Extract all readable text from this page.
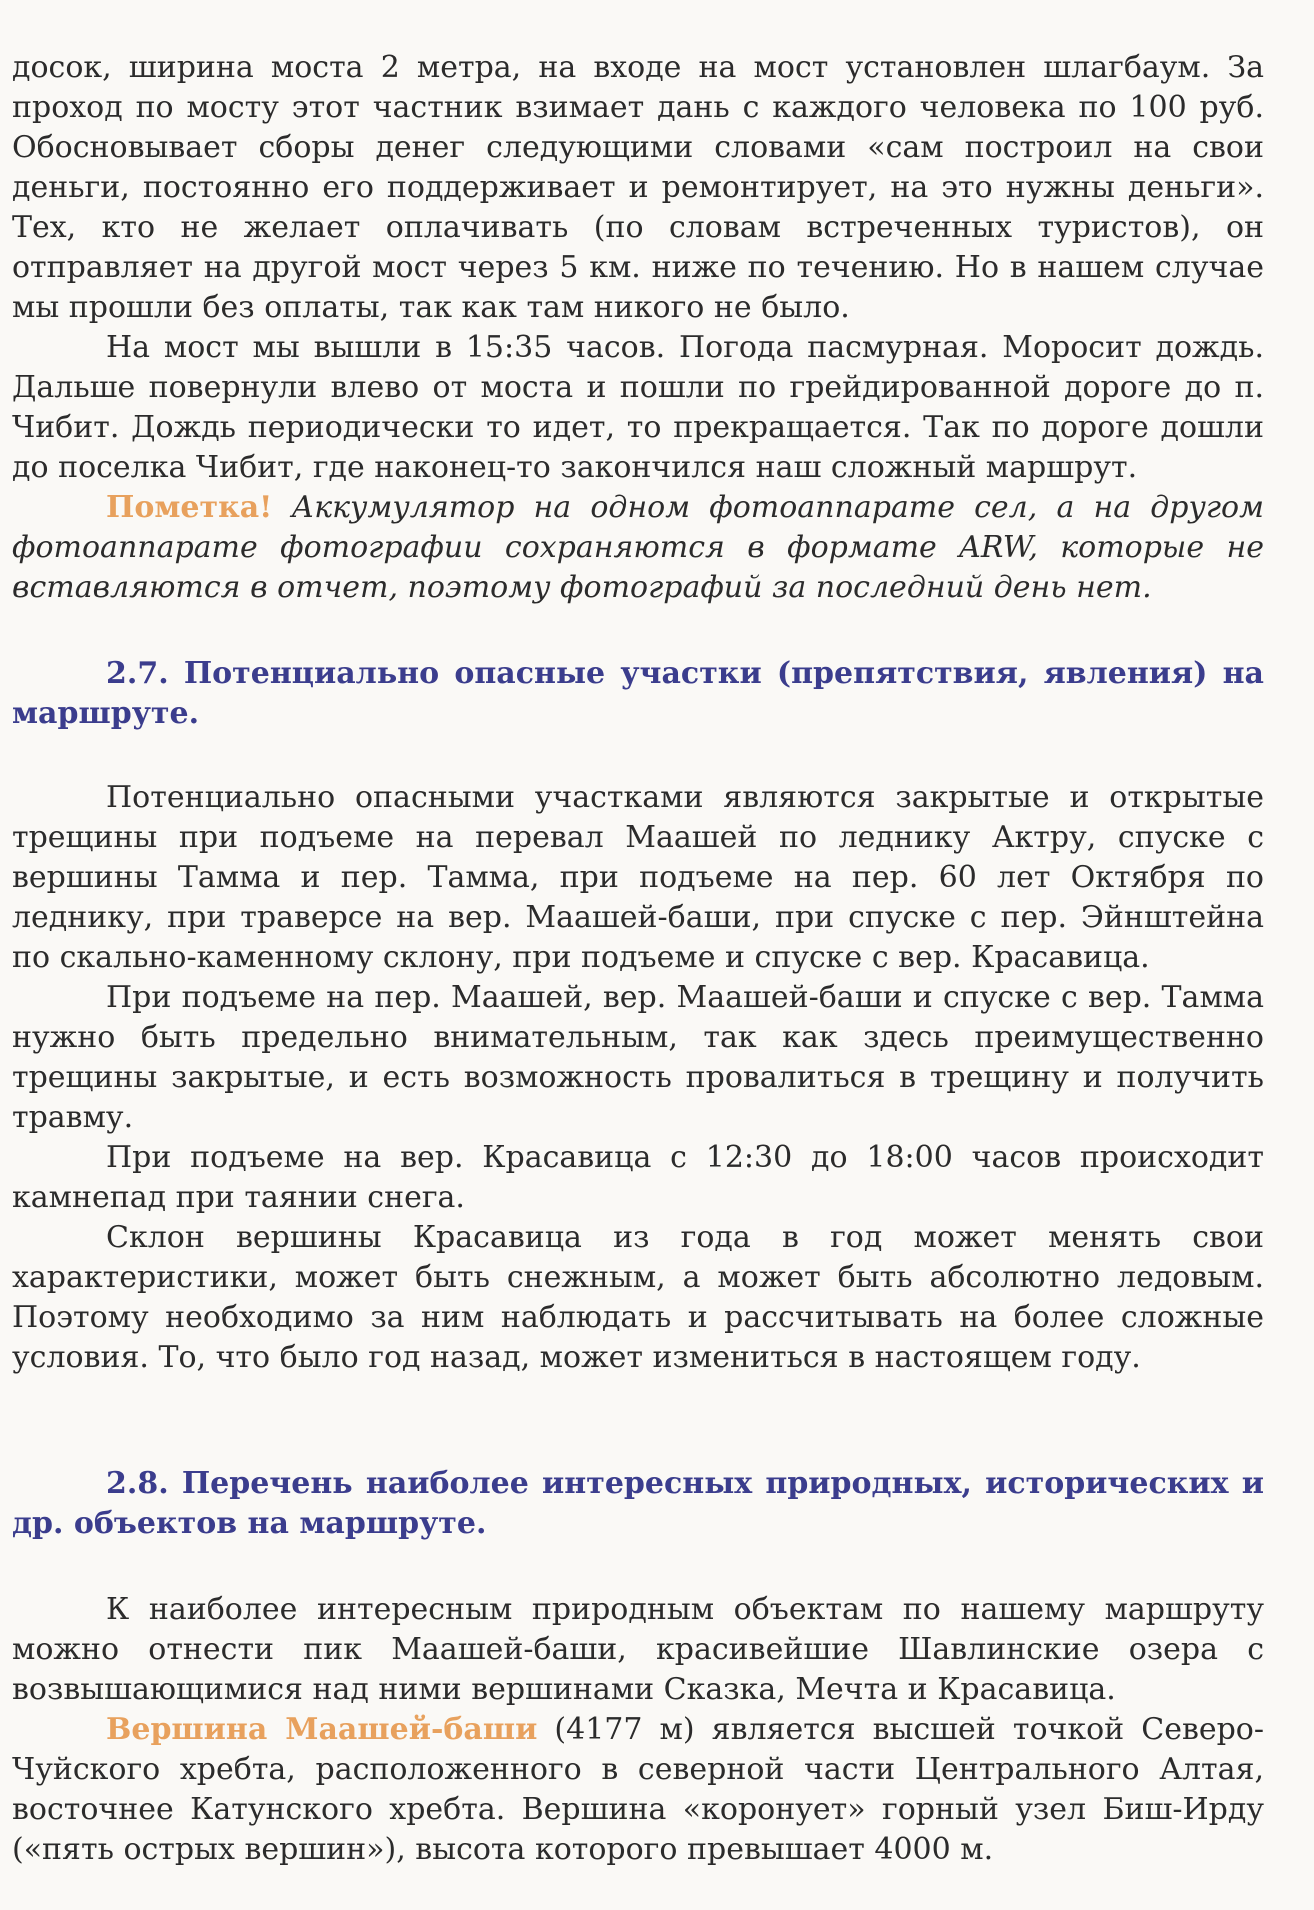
досок, ширина моста 2 метра, на входе на мост установлен шлагбаум. За проход по мосту этот частник взимает дань с каждого человека по 100 руб. Обосновывает сборы денег следующими словами «сам построил на свои деньги, постоянно его поддерживает и ремонтирует, на это нужны деньги». Тех, кто не желает оплачивать (по словам встреченных туристов), он отправляет на другой мост через 5 км. ниже по течению. Но в нашем случае мы прошли без оплаты, так как там никого не было.

На мост мы вышли в 15:35 часов. Погода пасмурная. Моросит дождь. Дальше повернули влево от моста и пошли по грейдированной дороге до п. Чибит. Дождь периодически то идет, то прекращается. Так по дороге дошли до поселка Чибит, где наконец-то закончился наш сложный маршрут.

Пометка! Аккумулятор на одном фотоаппарате сел, а на другом фотоаппарате фотографии сохраняются в формате ARW, которые не вставляются в отчет, поэтому фотографий за последний день нет.

2.7. Потенциально опасные участки (препятствия, явления) на маршруте.

Потенциально опасными участками являются закрытые и открытые трещины при подъеме на перевал Маашей по леднику Актру, спуске с вершины Тамма и пер. Тамма, при подъеме на пер. 60 лет Октября по леднику, при траверсе на вер. Маашей-баши, при спуске с пер. Эйнштейна по скально-каменному склону, при подъеме и спуске с вер. Красавица.

При подъеме на пер. Маашей, вер. Маашей-баши и спуске с вер. Тамма нужно быть предельно внимательным, так как здесь преимущественно трещины закрытые, и есть возможность провалиться в трещину и получить травму.

При подъеме на вер. Красавица с 12:30 до 18:00 часов происходит камнепад при таянии снега.

Склон вершины Красавица из года в год может менять свои характеристики, может быть снежным, а может быть абсолютно ледовым. Поэтому необходимо за ним наблюдать и рассчитывать на более сложные условия. То, что было год назад, может измениться в настоящем году.

2.8. Перечень наиболее интересных природных, исторических и др. объектов на маршруте.

К наиболее интересным природным объектам по нашему маршруту можно отнести пик Маашей-баши, красивейшие Шавлинские озера с возвышающимися над ними вершинами Сказка, Мечта и Красавица.

Вершина Маашей-баши (4177 м) является высшей точкой Северо-Чуйского хребта, расположенного в северной части Центрального Алтая, восточнее Катунского хребта. Вершина «коронует» горный узел Биш-Ирду («пять острых вершин»), высота которого превышает 4000 м.
